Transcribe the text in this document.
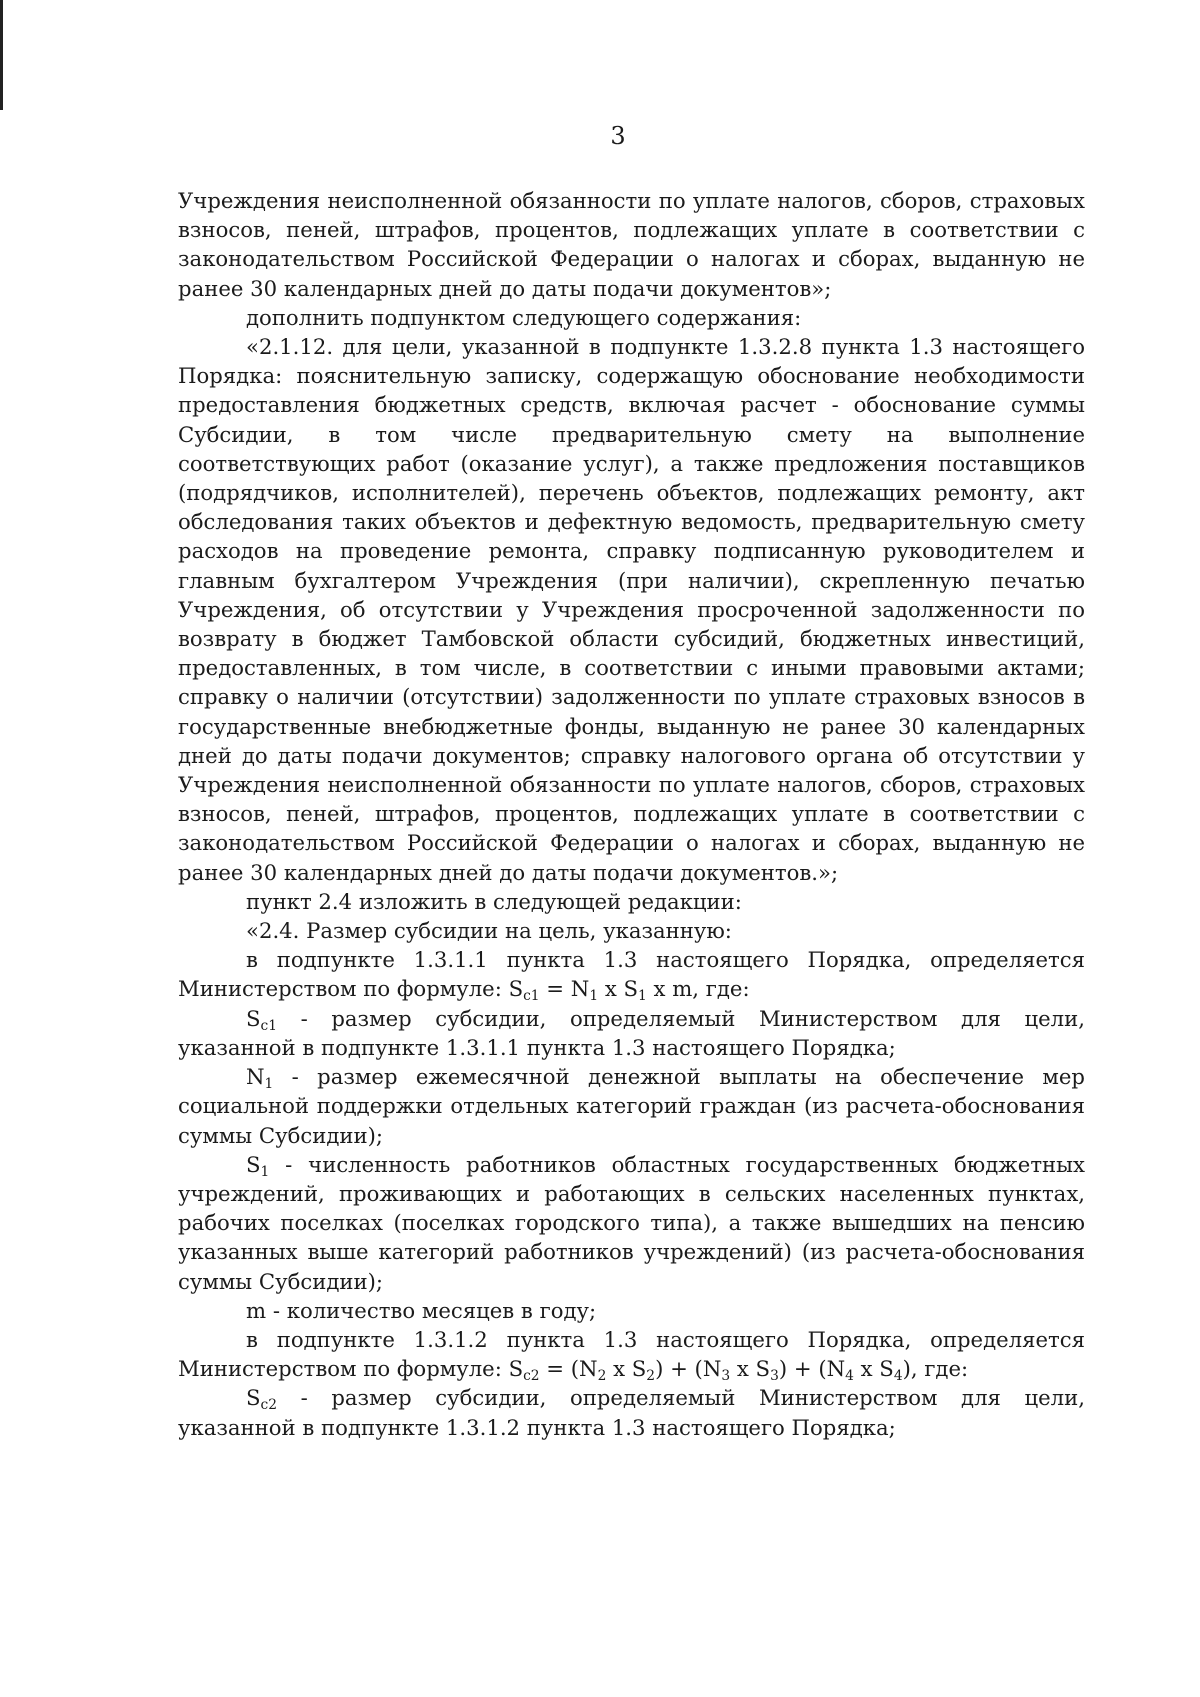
3

Учреждения неисполненной обязанности по уплате налогов, сборов, страховых взносов, пеней, штрафов, процентов, подлежащих уплате в соответствии с законодательством Российской Федерации о налогах и сборах, выданную не ранее 30 календарных дней до даты подачи документов»;

дополнить подпунктом следующего содержания:

«2.1.12. для цели, указанной в подпункте 1.3.2.8 пункта 1.3 настоящего Порядка: пояснительную записку, содержащую обоснование необходимости предоставления бюджетных средств, включая расчет - обоснование суммы Субсидии, в том числе предварительную смету на выполнение соответствующих работ (оказание услуг), а также предложения поставщиков (подрядчиков, исполнителей), перечень объектов, подлежащих ремонту, акт обследования таких объектов и дефектную ведомость, предварительную смету расходов на проведение ремонта, справку подписанную руководителем и главным бухгалтером Учреждения (при наличии), скрепленную печатью Учреждения, об отсутствии у Учреждения просроченной задолженности по возврату в бюджет Тамбовской области субсидий, бюджетных инвестиций, предоставленных, в том числе, в соответствии с иными правовыми актами; справку о наличии (отсутствии) задолженности по уплате страховых взносов в государственные внебюджетные фонды, выданную не ранее 30 календарных дней до даты подачи документов; справку налогового органа об отсутствии у Учреждения неисполненной обязанности по уплате налогов, сборов, страховых взносов, пеней, штрафов, процентов, подлежащих уплате в соответствии с законодательством Российской Федерации о налогах и сборах, выданную не ранее 30 календарных дней до даты подачи документов.»;

пункт 2.4 изложить в следующей редакции:

«2.4. Размер субсидии на цель, указанную:

в подпункте 1.3.1.1 пункта 1.3 настоящего Порядка, определяется Министерством по формуле: $S_{c1} = N_1$ x $S_1$ x m, где:

$S_{c1}$ - размер субсидии, определяемый Министерством для цели, указанной в подпункте 1.3.1.1 пункта 1.3 настоящего Порядка;

$N_1$ - размер ежемесячной денежной выплаты на обеспечение мер социальной поддержки отдельных категорий граждан (из расчета-обоснования суммы Субсидии);

$S_1$ - численность работников областных государственных бюджетных учреждений, проживающих и работающих в сельских населенных пунктах, рабочих поселках (поселках городского типа), а также вышедших на пенсию указанных выше категорий работников учреждений) (из расчета-обоснования суммы Субсидии);

m - количество месяцев в году;

в подпункте 1.3.1.2 пункта 1.3 настоящего Порядка, определяется Министерством по формуле: $S_{c2} = (N_2$ x $S_2) + (N_3$ x $S_3) + (N_4$ x $S_4$), где:

$S_{c2}$ - размер субсидии, определяемый Министерством для цели, указанной в подпункте 1.3.1.2 пункта 1.3 настоящего Порядка;
